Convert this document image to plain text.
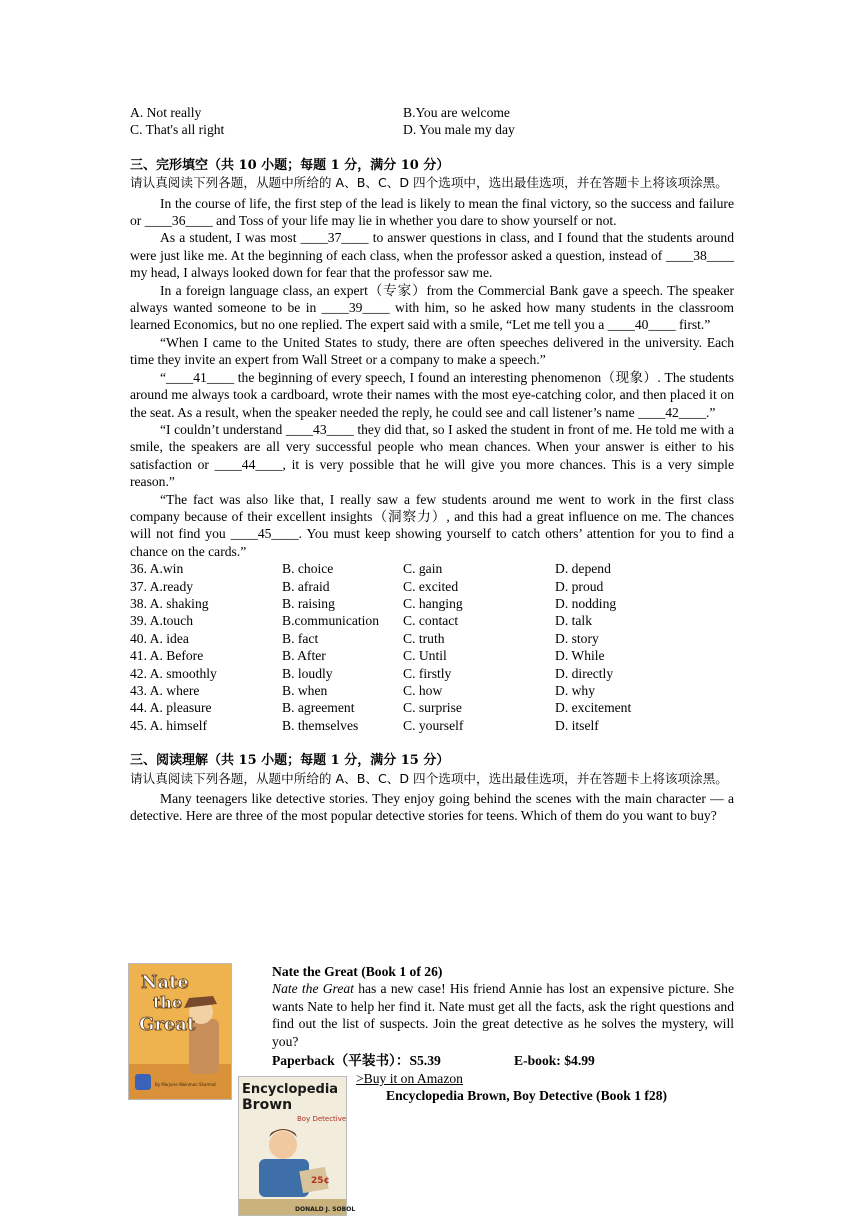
A. Not really	B.You are welcome
C. That's all right	D. You male my day
三、完形填空（共 10 小题；每题 1 分，满分 10 分）

请认真阅读下列各题，从题中所给的 A、B、C、D 四个选项中，选出最佳选项，并在答题卡上将该项涂黑。

In the course of life, the first step of the lead is likely to mean the final victory, so the success and failure or ____36____ and Toss of your life may lie in whether you dare to show yourself or not.

As a student, I was most ____37____ to answer questions in class, and I found that the students around were just like me. At the beginning of each class, when the professor asked a question, instead of ____38____ my head, I always looked down for fear that the professor saw me.

In a foreign language class, an expert（专家）from the Commercial Bank gave a speech. The speaker always wanted someone to be in ____39____ with him, so he asked how many students in the classroom learned Economics, but no one replied. The expert said with a smile, “Let me tell you a ____40____ first.”

“When I came to the United States to study, there are often speeches delivered in the university. Each time they invite an expert from Wall Street or a company to make a speech.”

“____41____ the beginning of every speech, I found an interesting phenomenon（现象）. The students around me always took a cardboard, wrote their names with the most eye-catching color, and then placed it on the seat. As a result, when the speaker needed the reply, he could see and call listener’s name ____42____.”

“I couldn’t understand ____43____ they did that, so I asked the student in front of me. He told me with a smile, the speakers are all very successful people who mean chances. When your answer is either to his satisfaction or ____44____, it is very possible that he will give you more chances. This is a very simple reason.”

“The fact was also like that, I really saw a few students around me went to work in the first class company because of their excellent insights（洞察力）, and this had a great influence on me. The chances will not find you ____45____. You must keep showing yourself to catch others’ attention for you to find a chance on the cards.”

36. A.win	B. choice	C. gain	D. depend
37. A.ready	B. afraid	C. excited	D. proud
38. A. shaking	B. raising	C. hanging	D. nodding
39. A.touch	B.communication	C. contact	D. talk
40. A. idea	B. fact	C. truth	D. story
41. A. Before	B. After	C. Until	D. While
42. A. smoothly	B. loudly	C. firstly	D. directly
43. A. where	B. when	C. how	D. why
44. A. pleasure	B. agreement	C. surprise	D. excitement
45. A. himself	B. themselves	C. yourself	D. itself
三、阅读理解（共 15 小题；每题 1 分，满分 15 分）

请认真阅读下列各题，从题中所给的 A、B、C、D 四个选项中，选出最佳选项，并在答题卡上将该项涂黑。

Many teenagers like detective stories. They enjoy going behind the scenes with the main character — a detective. Here are three of the most popular detective stories for teens. Which of them do you want to buy?

Nate
the
Great
By Marjorie Weinman Sharmat
Nate the Great (Book 1 of 26)

Nate the Great has a new case! His friend Annie has lost an expensive picture. She wants Nate to help her find it. Nate must get all the facts, ask the right questions and find out the list of suspects. Join the great detective as he solves the mystery, will you?

Paperback（平装书）：S5.39	E-book: $4.99
>Buy it on Amazon
Encyclopedia Brown, Boy Detective (Book 1 f28)
Encyclopedia
Brown
Boy Detective
25¢
DONALD J. SOBOL
